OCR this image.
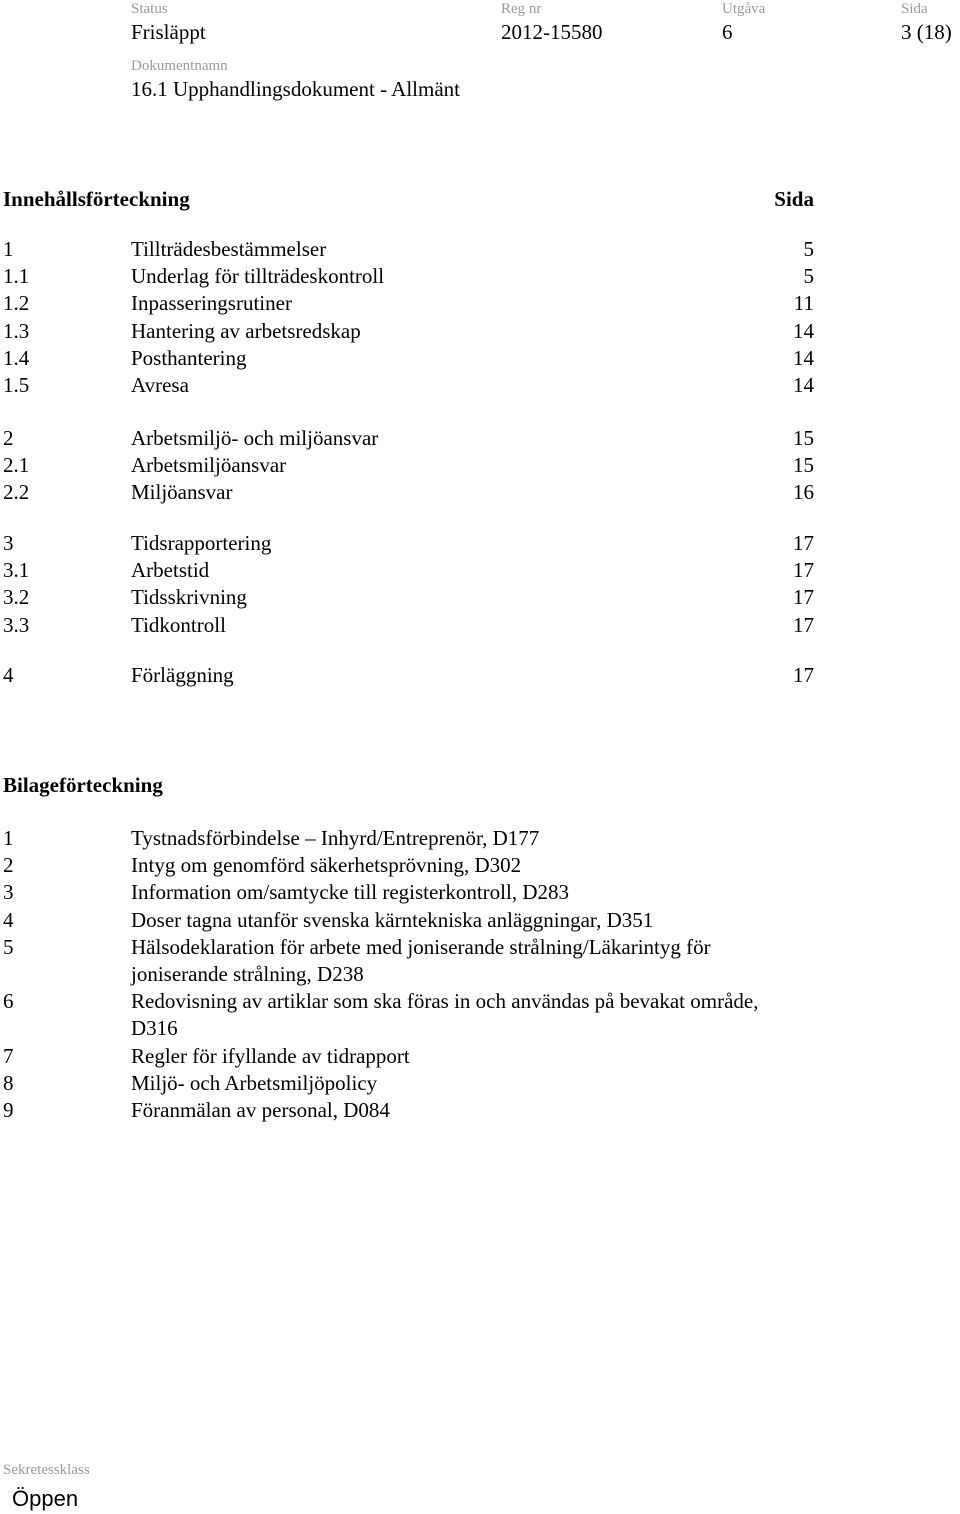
Status
Frisläppt
Reg nr
2012-15580
Utgåva
6
Sida
3 (18)
Dokumentnamn
16.1 Upphandlingsdokument - Allmänt
Innehållsförteckning	Sida
1	Tillträdesbestämmelser	5
1.1	Underlag för tillträdeskontroll	5
1.2	Inpasseringsrutiner	11
1.3	Hantering av arbetsredskap	14
1.4	Posthantering	14
1.5	Avresa	14
2	Arbetsmiljö- och miljöansvar	15
2.1	Arbetsmiljöansvar	15
2.2	Miljöansvar	16
3	Tidsrapportering	17
3.1	Arbetstid	17
3.2	Tidsskrivning	17
3.3	Tidkontroll	17
4	Förläggning	17
Bilageförteckning
1	Tystnadsförbindelse – Inhyrd/Entreprenör, D177
2	Intyg om genomförd säkerhetsprövning, D302
3	Information om/samtycke till registerkontroll, D283
4	Doser tagna utanför svenska kärntekniska anläggningar, D351
5	Hälsodeklaration för arbete med joniserande strålning/Läkarintyg för
joniserande strålning, D238
6	Redovisning av artiklar som ska föras in och användas på bevakat område,
D316
7	Regler för ifyllande av tidrapport
8	Miljö- och Arbetsmiljöpolicy
9	Föranmälan av personal, D084
Sekretessklass
Öppen
